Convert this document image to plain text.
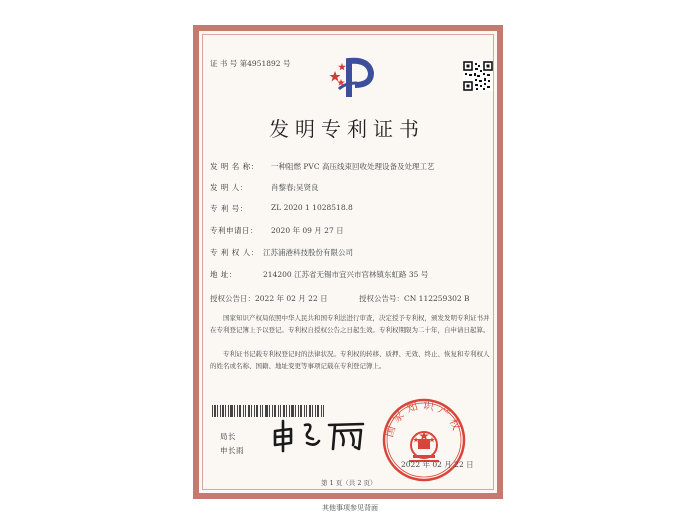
证 书 号 第4951892 号
发明专利证书
发 明 名 称： 一种阻燃 PVC 高压线束回收处理设备及处理工艺
发 明 人：	肖黎春;吴贤良
专 利 号：	ZL 2020 1 1028518.8
专利申请日： 2020 年 09 月 27 日
专 利 权 人： 江苏浦港科技股份有限公司
地 址：	214200 江苏省无锡市宜兴市官林镇东虹路 35 号
授权公告日：2022 年 02 月 22 日	授权公告号：CN 112259302 B
国家知识产权局依照中华人民共和国专利法进行审查，决定授予专利权，颁发发明专利证书并在专利登记簿上予以登记。专利权自授权公告之日起生效。专利权期限为二十年，自申请日起算。
专利证书记载专利权登记时的法律状况。专利权的转移、质押、无效、终止、恢复和专利权人的姓名或名称、国籍、地址变更等事项记载在专利登记簿上。
局长
申长雨
国家知识产权
2022 年 02 月 22 日
第 1 页（共 2 页）
其他事项参见背面
